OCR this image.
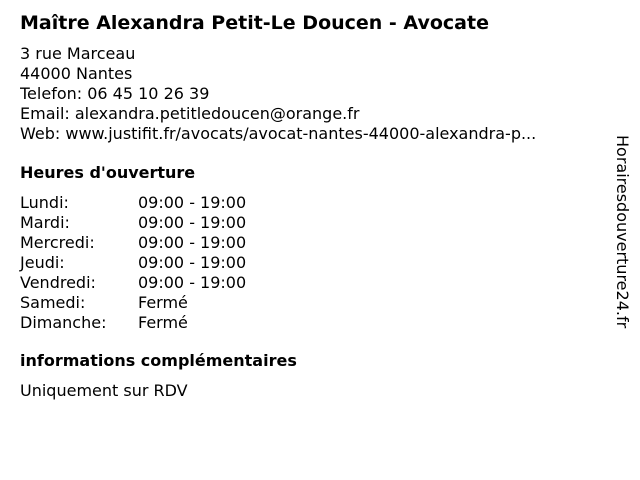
Maître Alexandra Petit-Le Doucen - Avocate
3 rue Marceau
44000 Nantes
Telefon: 06 45 10 26 39
Email: alexandra.petitledoucen@orange.fr
Web: www.justifit.fr/avocats/avocat-nantes-44000-alexandra-p...
Heures d'ouverture
Lundi:	09:00 - 19:00
Mardi:	09:00 - 19:00
Mercredi:	09:00 - 19:00
Jeudi:	09:00 - 19:00
Vendredi:	09:00 - 19:00
Samedi:	Fermé
Dimanche:	Fermé
informations complémentaires
Uniquement sur RDV
Horairesdouverture24.fr
